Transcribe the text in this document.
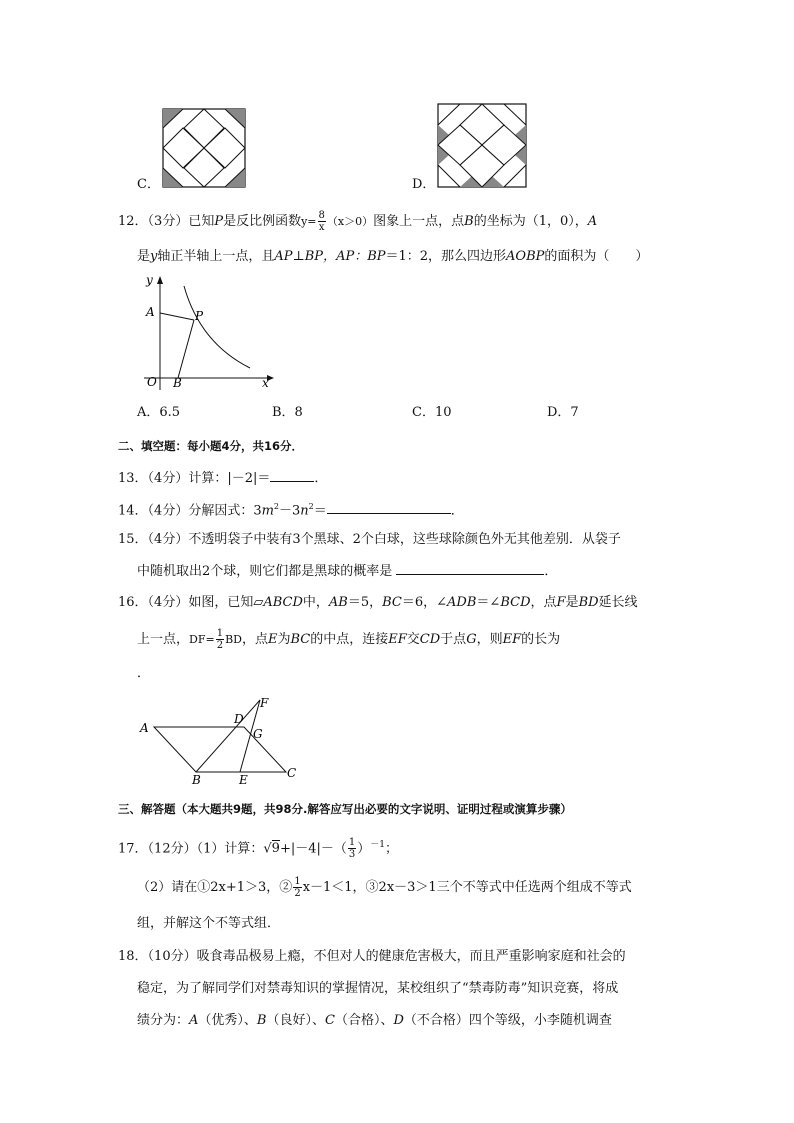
C．	D．
12．（3分）已知P是反比例函数$y= \frac{8}{x} (x>0)$图象上一点，点B的坐标为（1，0），A
是y轴正半轴上一点，且AP⊥BP，AP：BP＝1：2，那么四边形AOBP的面积为（　　）
y
A	P
O B	x
A．6.5	B．8	C．10	D．7
二、填空题：每小题4分，共16分．
13．（4分）计算：|－2|＝	．
14．（4分）分解因式：$3m^2-3n^2=$	．
15．（4分）不透明袋子中装有3个黑球、2个白球，这些球除颜色外无其他差别．从袋子
中随机取出2个球，则它们都是黑球的概率是	．
16．（4分）如图，已知▱ABCD中，AB＝5，BC＝6，∠ADB＝∠BCD，点F是BD延长线
上一点，$DF= \frac{1}{2}$ BD，点E为BC的中点，连接EF交CD于点G，则EF的长为
．
A
D
F
G
B	E	C
三、解答题（本大题共9题，共98分.解答应写出必要的文字说明、证明过程或演算步骤）
17．（12分）（1）计算：$√9+|-4|-( \frac{1}{3} )^{-1}$；
（2）请在①2x+1＞3，② $\frac{1}{2} x-1<1$，③2x－3＞1三个不等式中任选两个组成不等式
组，并解这个不等式组．
18．（10分）吸食毒品极易上瘾，不但对人的健康危害极大，而且严重影响家庭和社会的
稳定，为了解同学们对禁毒知识的掌握情况，某校组织了“禁毒防毒”知识竞赛，将成
绩分为：A（优秀）、B（良好）、C（合格）、D（不合格）四个等级，小李随机调查
